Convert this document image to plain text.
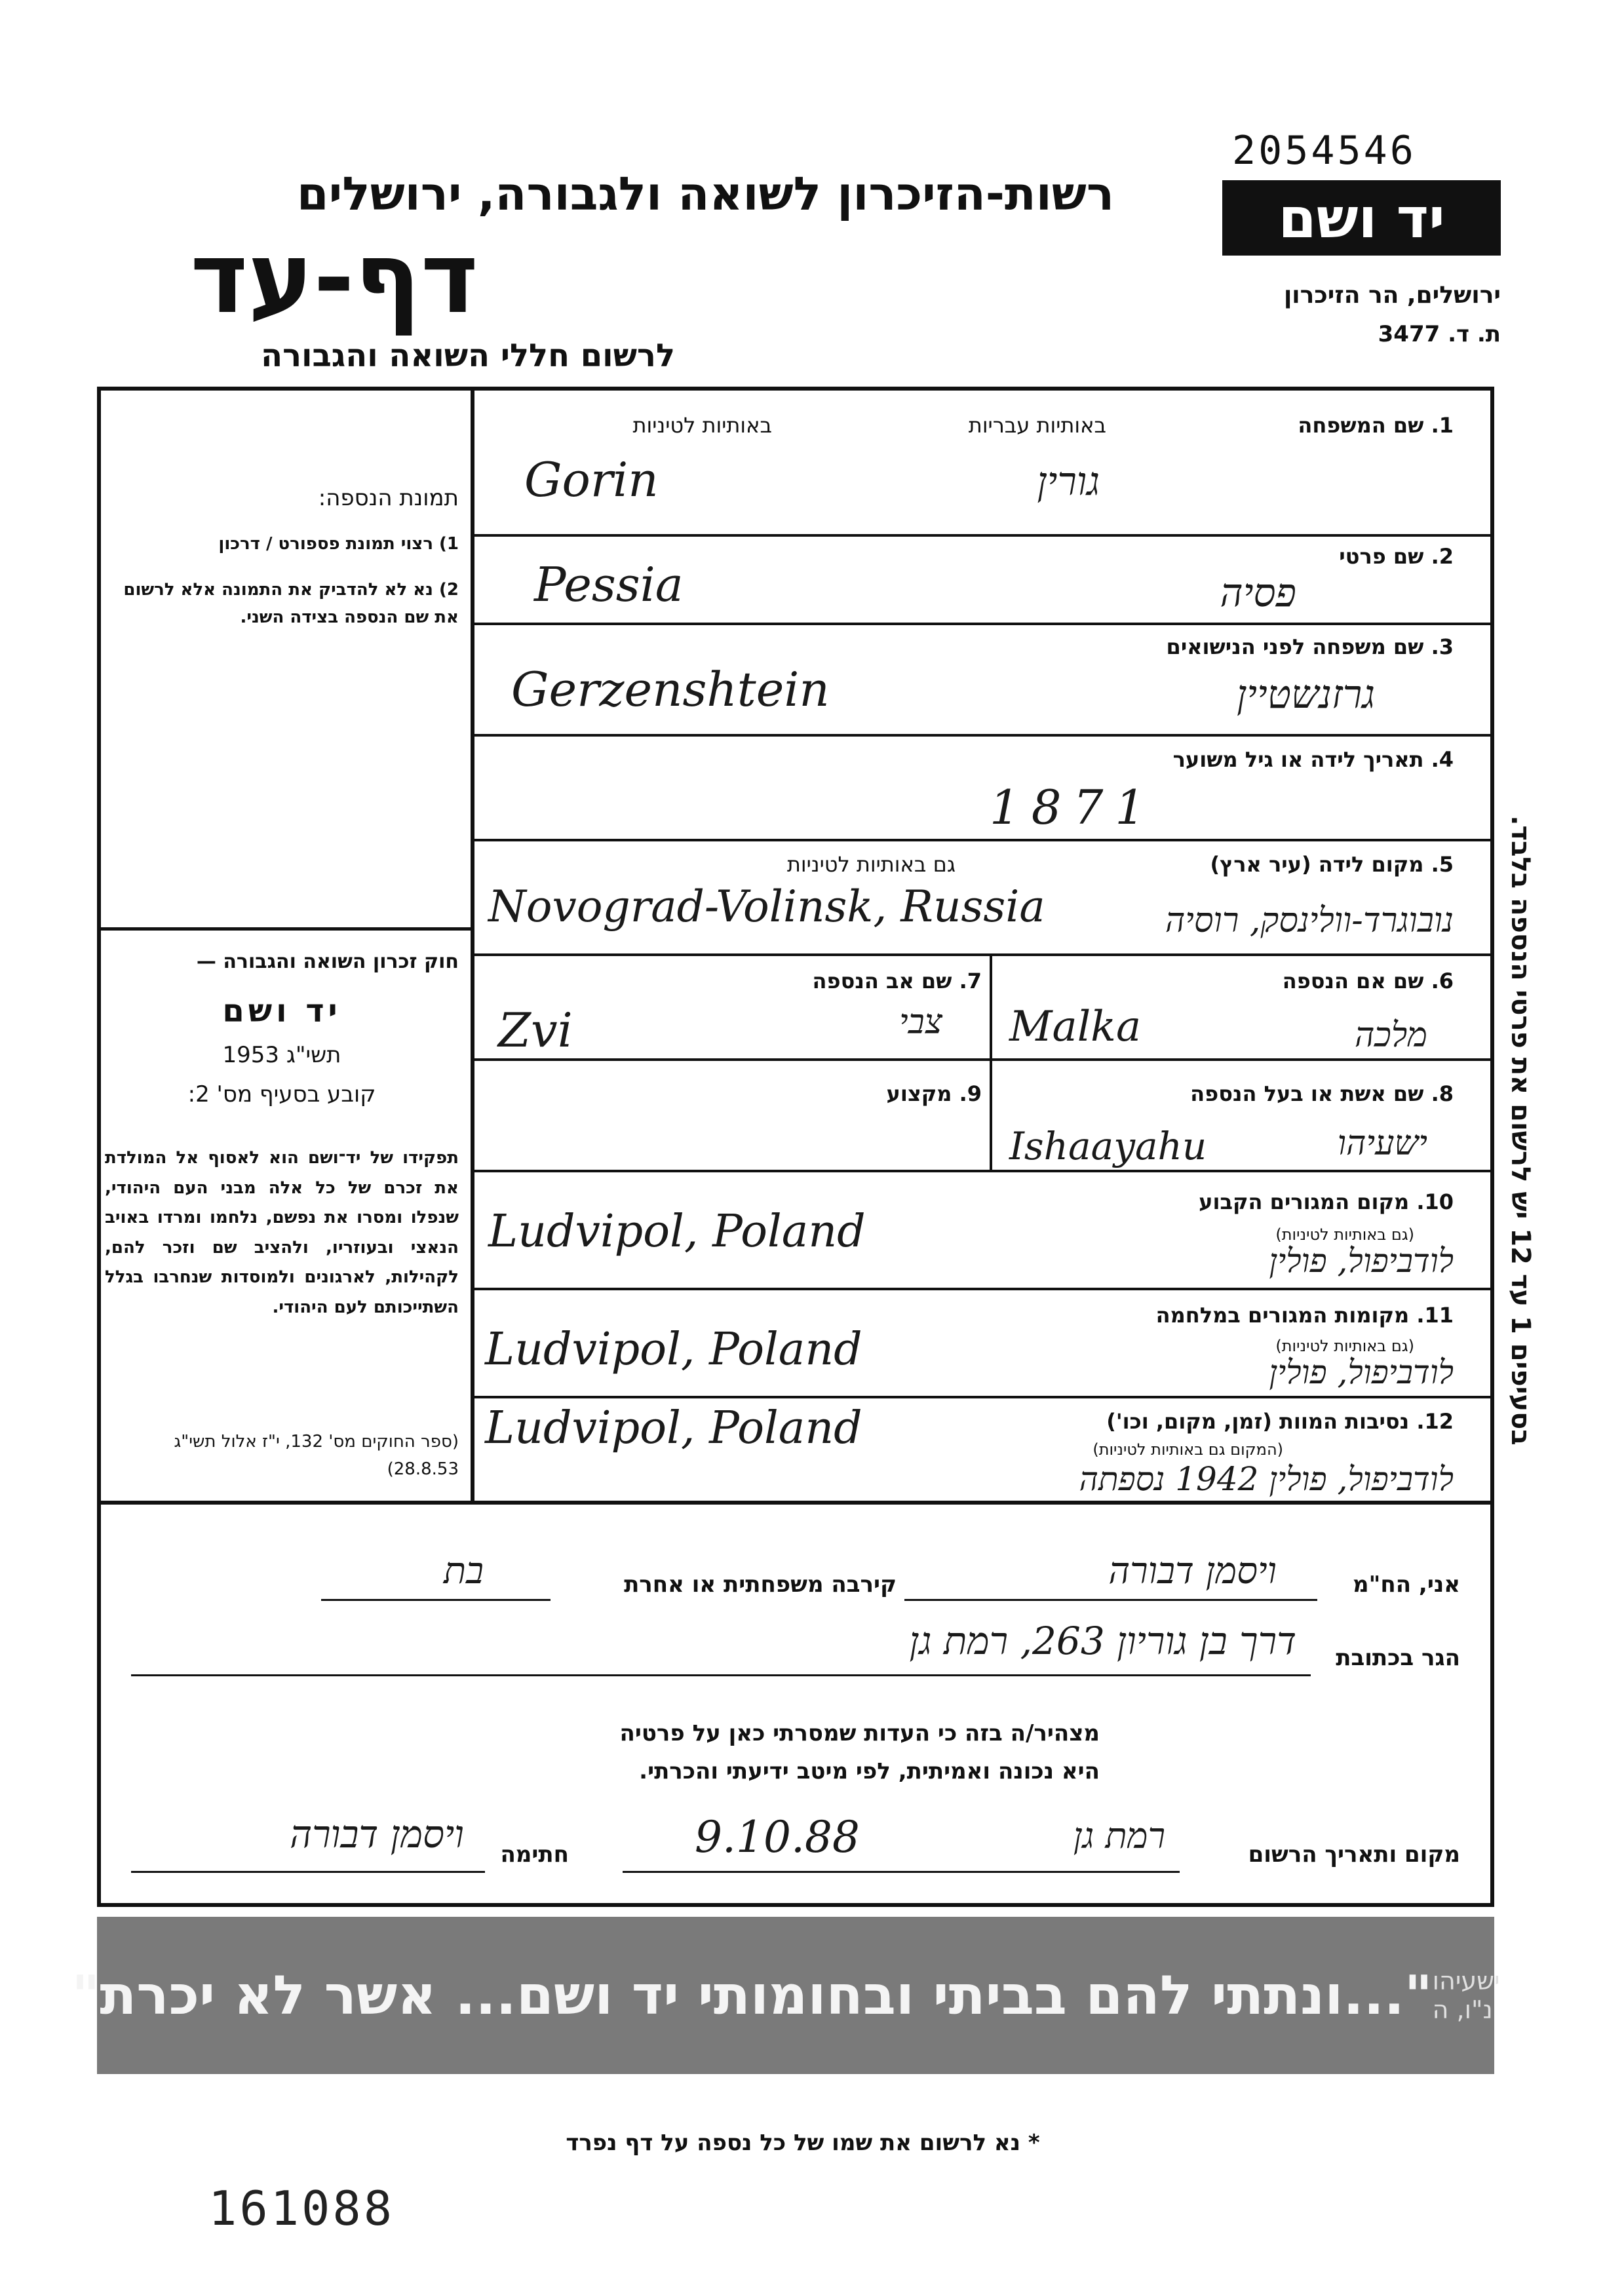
2054546
יד ושם
ירושלים, הר הזיכרון
ת. ד. 3477
רשות-הזיכרון לשואה ולגבורה, ירושלים
דף-עד
לרשום חללי השואה והגבורה
תמונת הנספה:
1) רצוי תמונת פספורט / דרכון
2) נא לא להדביק את התמונה אלא לרשום את שם הנספה בצידה השני.
חוק זכרון השואה והגבורה —
יד ושם
תשי"ג 1953
קובע בסעיף מס' 2:
תפקידו של יד־ושם הוא לאסוף אל המולדת את זכרם של כל אלה מבני העם היהודי, שנפלו ומסרו את נפשם, נלחמו ומרדו באויב הנאצי ובעוזריו, ולהציב שם וזכר להם, לקהילות, לארגונים ולמוסדות שנחרבו בגלל השתייכותם לעם היהודי.
(ספר החוקים מס' 132, י"ז אלול תשי"ג 28.8.53)
בסעיפים 1 עד 12 יש לרשום את פרטי הנספה בלבד.
1. שם המשפחה
באותיות עבריות
באותיות לטיניות
Gorin	גורין
2. שם פרטי
Pessia	פסיה
3. שם משפחה לפני הנישואים
Gerzenshtein	גרזנשטיין
4. תאריך לידה או גיל משוער
1871
5. מקום לידה (עיר ארץ)
גם באותיות לטיניות
Novograd-Volinsk, Russia	נובוגרד-וולינסק, רוסיה
6. שם אם הנספה
Malka	מלכה
7. שם אב הנספה
Zvi	צבי
8. שם אשת או בעל הנספה
Ishaayahu	ישעיהו
9. מקצוע
10. מקום המגורים הקבוע
(גם באותיות לטיניות)
Ludvipol, Poland
לודביפול, פולין
11. מקומות המגורים במלחמה
(גם באותיות לטיניות)
Ludvipol, Poland	לודביפול, פולין
12. נסיבות המוות (זמן, מקום, וכו')
(המקום גם באותיות לטיניות)
Ludvipol, Poland
לודביפול, פולין 1942 נספתה
אני, הח"מ
ויסמן דבורה
קירבה משפחתית או אחרת
בת
הגר בכתובת
דרך בן גוריון 263, רמת גן
מצהיר/ה בזה כי העדות שמסרתי כאן על פרטיה
היא נכונה ואמיתית, לפי מיטב ידיעתי והכרתי.
מקום ותאריך הרשום
רמת גן
9.10.88
חתימה
ויסמן דבורה
"...ונתתי להם בביתי ובחומותי יד ושם... אשר לא יכרת" ישעיהו נ"ו, ה
* נא לרשום את שמו של כל נספה על דף נפרד
161088
